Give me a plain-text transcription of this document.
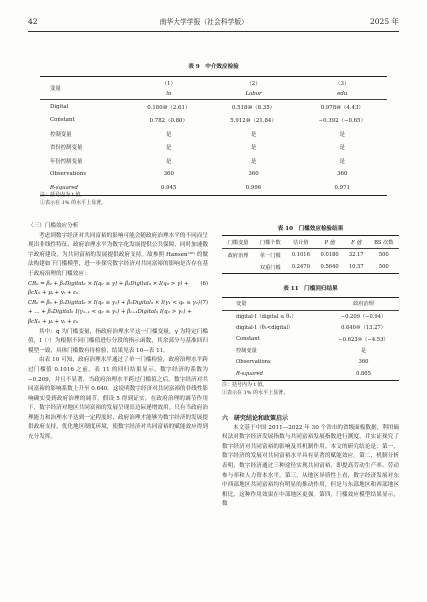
42	南华大学学报（社会科学版）	2025 年
表 9　中介效应检验
变量	（1）	（2）	（3）
	lo	Labor	edu
Digital	0.180⑩（2.61）	0.518⑩（8.35）	0.978⑩（4.43）
Constant	0.782（0.80）	5.912⑩（21.84）	−0.392（−0.65）
控制变量	是	是	是
省份控制变量	是	是	是
年份控制变量	是	是	是
Observations	360	360	360
R-squared	0.945	0.996	0.971
注：括号内为 t 值。
①表示在 1% 的水平上显著。

（三）门槛效应分析

考虑到数字经济对共同富裕的影响可能会随政府治理水平的不同而呈现出非线性特征，政府治理水平为数字化发展提供公共保障，同时加速数字政府建设，为共同富裕的发展提供政府支持。故参照 Hansen⁽¹⁶⁾ 的做法构建如下门槛模型，进一步探究数字经济对共同富裕的影响是否存在基于政府治理的门槛效应：

CRᵢₜ = β₀ + β₁Digitalᵢₜ × I(qᵢₜ ≤ γ) + β₂Digitalᵢₜ × I(qᵢₜ > γ) + βcXᵢₜ + μᵢ + vₜ + εᵢₜ
(6)

CRᵢₜ = β₀ + β₁Digitalᵢₜ × I(qᵢₜ ≤ γ₁) + β₂Digitalᵢₜ × I(γ₁ < qᵢₜ ≤ γ₂) + … + βₙDigitalᵢₜ I(γₙ₋₁ < qᵢₜ ≤ γₙ) + βₙ₊₁Digitalᵢₜ I(qᵢₜ > γₙ) + βcXᵢₜ + μᵢ + vₜ + εᵢₜ
(7)

其中：q 为门槛变量，指政府治理水平这一门槛变量，γ 为特定门槛值，I（·）为根据不同门槛值进行分段的指示函数，其余部分与基准回归模型一致，具体门槛数有待检验，结果见表 10—表 11。

由表 10 可知，政府治理水平通过了单一门槛检验，政府治理水平跨过门槛值 0.1016 之前，表 11 的回归结果显示，数字经济的系数为 −0.209，并且不显著，当政府治理水平跨过门槛值之后，数字经济对共同富裕的影响系数上升至 0.640。这说明数字经济对共同富裕的非线性影响确实受到政府治理的调节，假设 5 得到证实。在政府治理的调节作用下，数字经济对地区共同富裕的发展呈现出边际递增效用。只有当政府治理能力和治理水平达到一定程度时，政府治理才能够为数字经济的发展提供政府支持，优化地区制度环境，使数字经济对共同富裕的赋能效应得到充分发挥。

表 10　门槛效应检验结果
门槛变量	门槛个数	估计值	P 值	F 值	BS 次数
政府治理	单一门槛	0.1016	0.0180	32.17	500
	双重门槛	0.2470	0.5640	10.57	500
表 11　门槛回归结果
变量	政府治理
digital·I（digital ≤ θ₁）	−0.209（−0.94）
digital·I（θ₁<digital）	0.640⑩（13.27）
Constant	−0.623⑩（−4.53）
控制变量	是
Observations	360
R-squared	0.865
注：括号内为 t 值。
①表示在 1% 的水平上显著。

六　研究结论和政策启示

本文基于中国 2011—2022 年 30 个省市的省级面板数据，利用熵权法对数字经济发展指数与共同富裕发展指数进行测度，并实证探究了数字经济对共同富裕的影响及其机制作用。本文的研究结论是：第一，数字经济的发展对共同富裕水平具有显著的赋能效应。第二，机制分析表明，数字经济通过三种途径实现共同富裕，即提高劳动生产率、劳动参与率和人力资本水平。第三，从地区异质性上看，数字经济发展对东中西部地区共同富裕均有明显的推动作用，但是与东部地区和西部地区相比，这种作用效果在中部地区更强。第四，门槛效应模型结果显示，数
